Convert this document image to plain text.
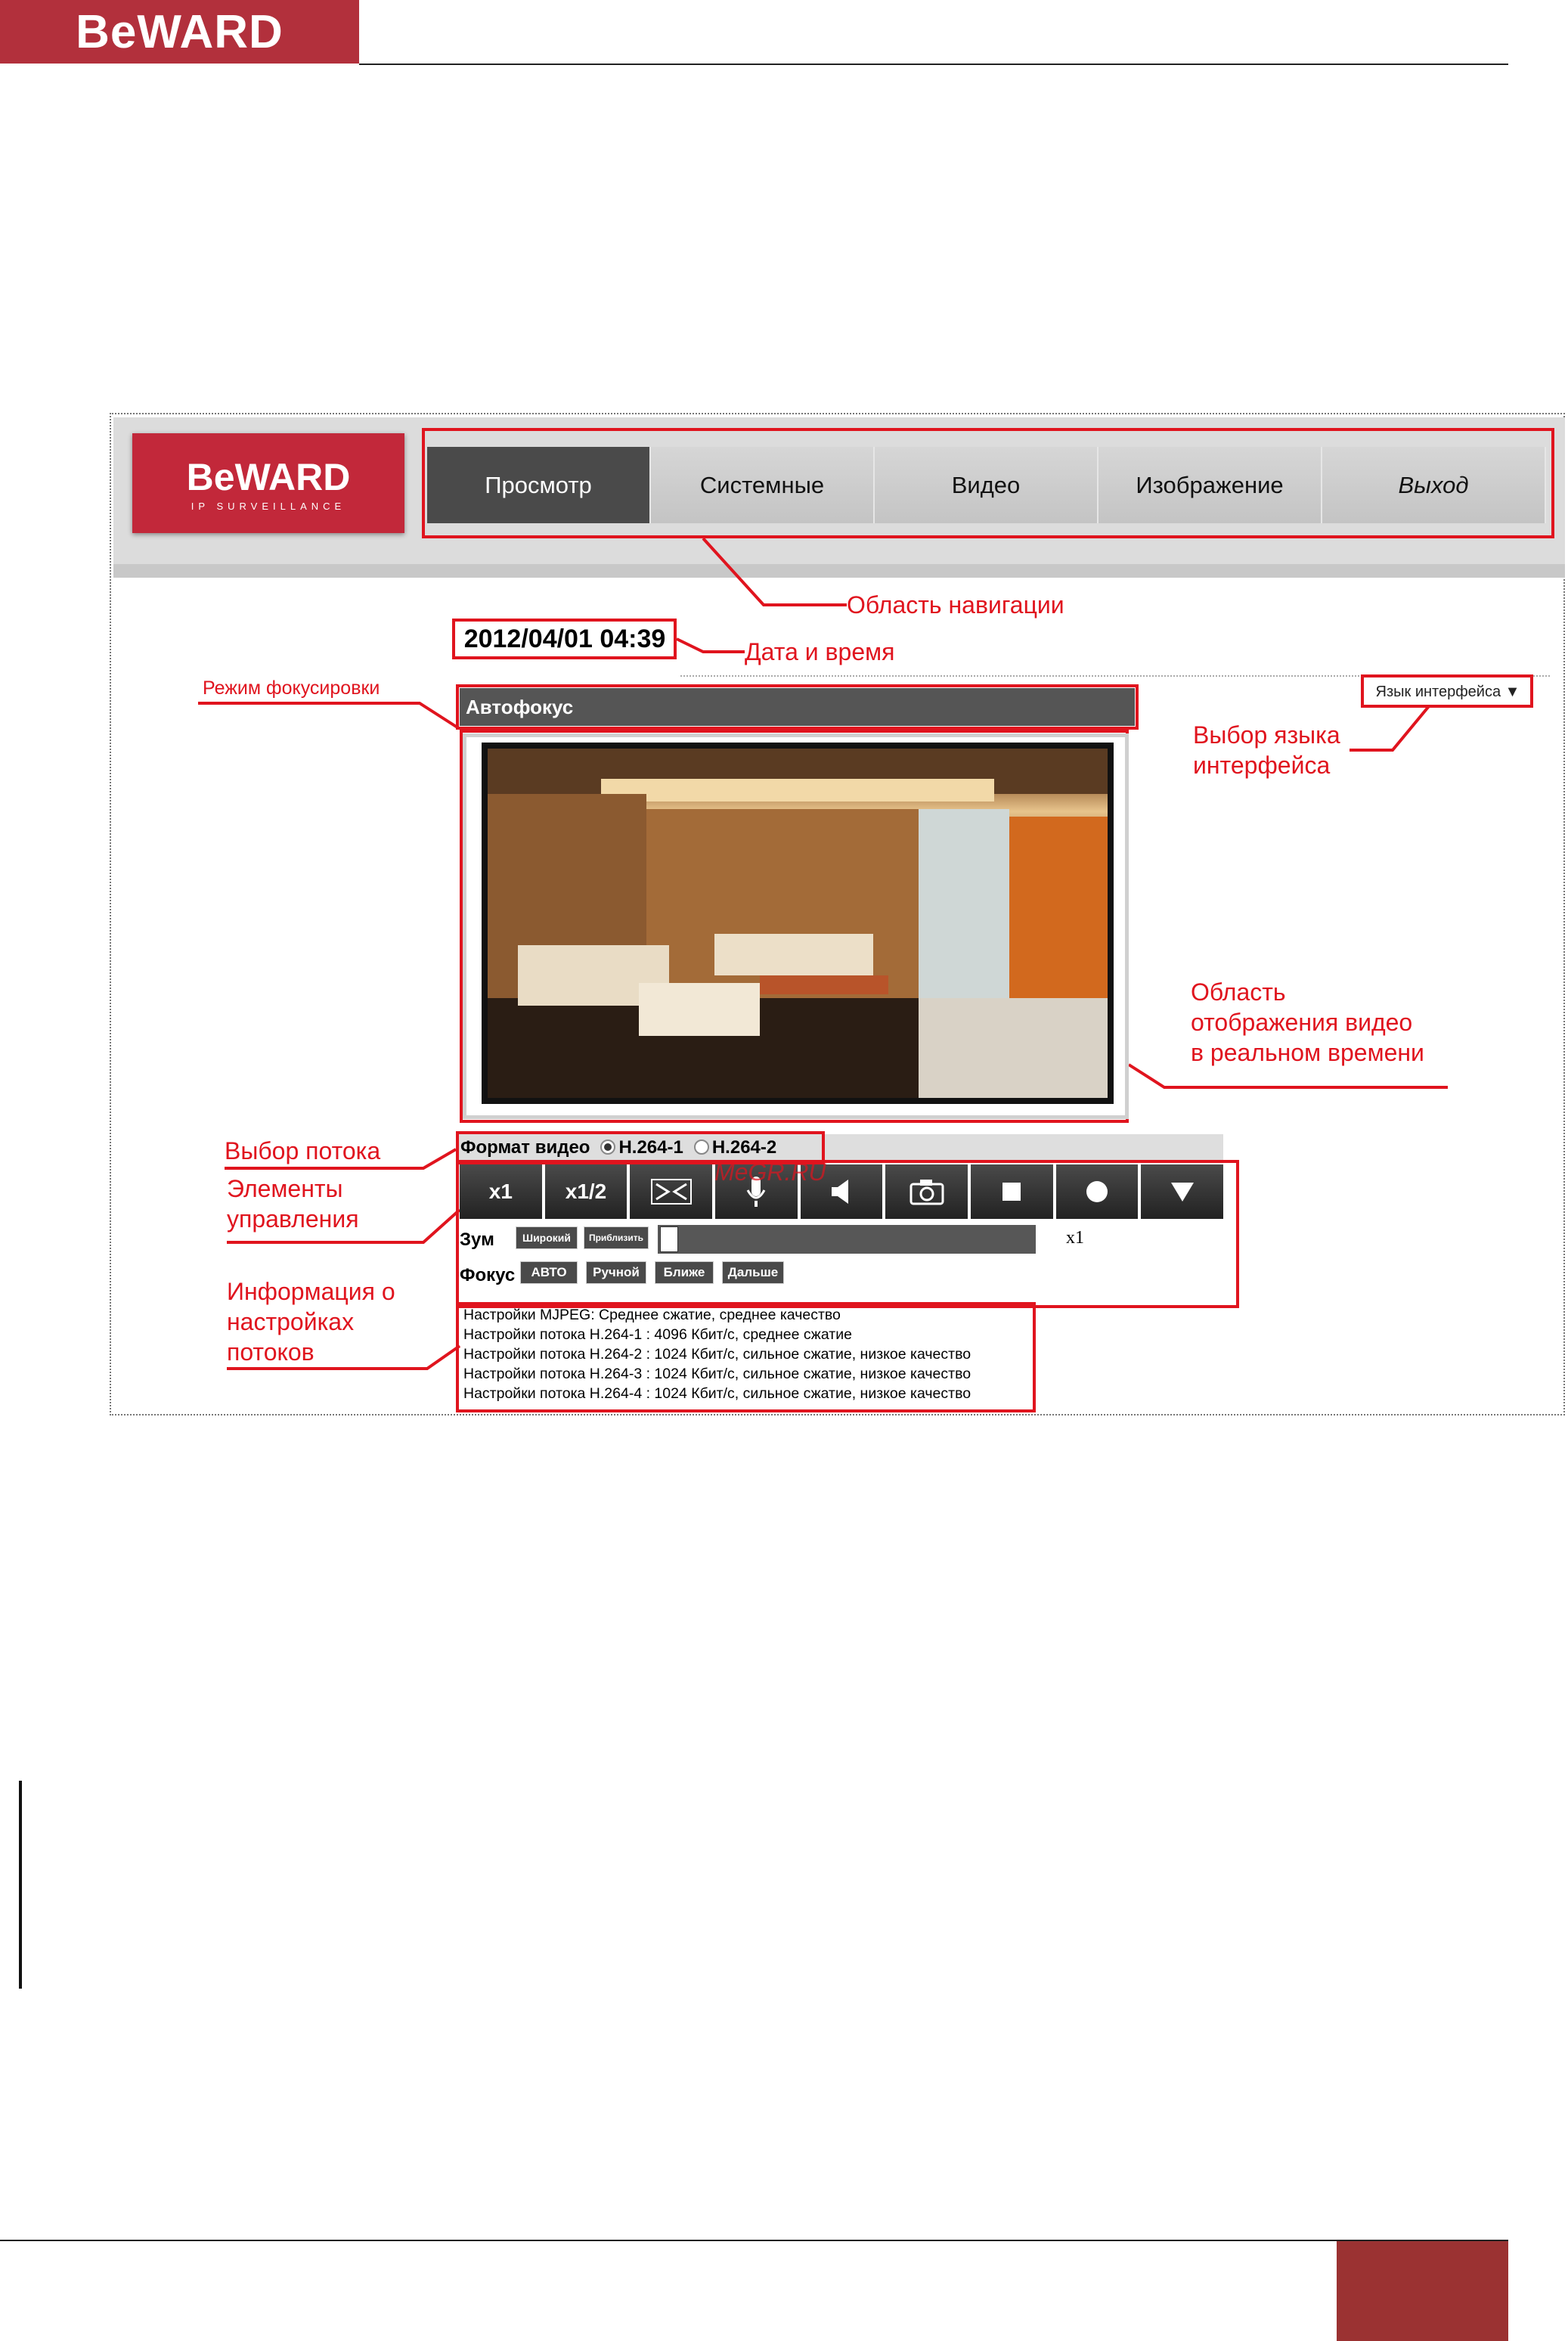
BeWARD
BeWARD
IP SURVEILLANCE
Просмотр	Системные	Видео	Изображение	Выход
Область навигации
2012/04/01 04:39	Дата и время
Режим фокусировки
Автофокус
Язык интерфейса ▼
Выбор языка
интерфейса
Область
отображения видео
в реальном времени
Формат видео	H.264-1	H.264-2
Выбор потока
x1	x1/2
MeGR.RU
Зум	Широкий	Приблизить	x1
Фокус	АВТО	Ручной	Ближе	Дальше
Элементы
управления
Настройки MJPEG: Среднее сжатие, среднее качество
Настройки потока H.264-1 : 4096 Кбит/с, среднее сжатие
Настройки потока H.264-2 : 1024 Кбит/с, сильное сжатие, низкое качество
Настройки потока H.264-3 : 1024 Кбит/с, сильное сжатие, низкое качество
Настройки потока H.264-4 : 1024 Кбит/с, сильное сжатие, низкое качество
Информация о
настройках
потоков
